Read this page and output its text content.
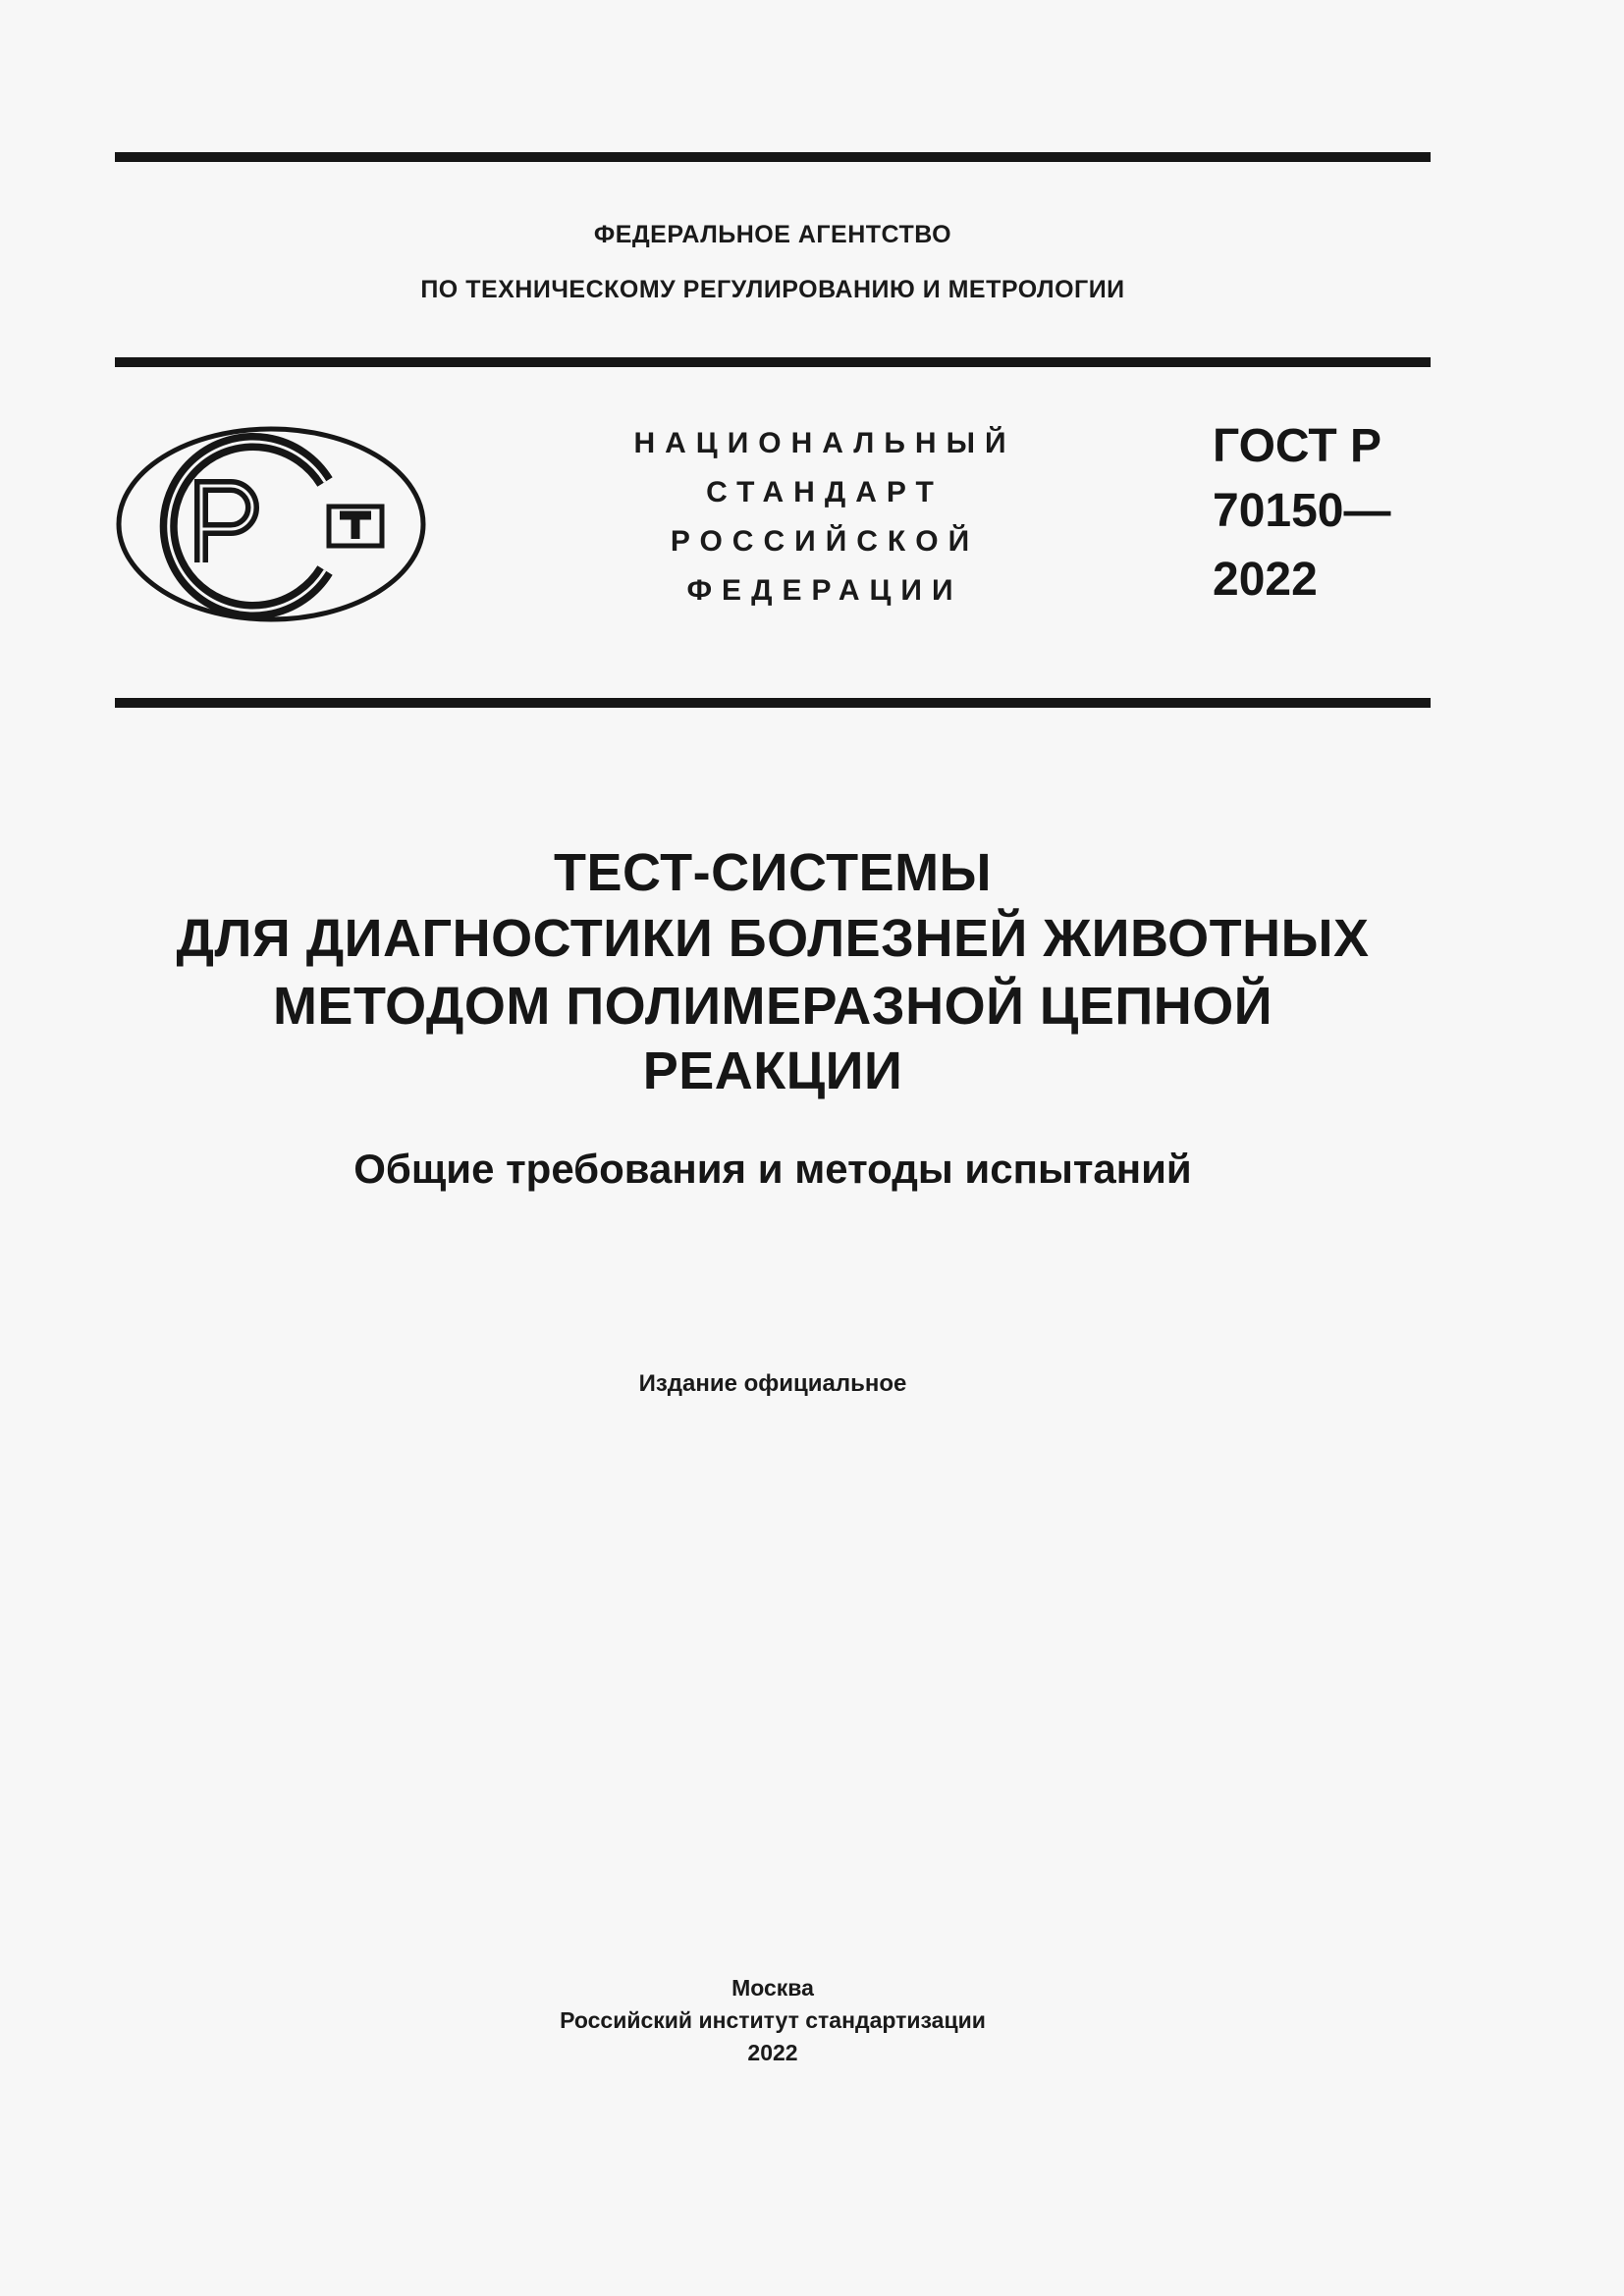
ФЕДЕРАЛЬНОЕ АГЕНТСТВО
ПО ТЕХНИЧЕСКОМУ РЕГУЛИРОВАНИЮ И МЕТРОЛОГИИ
НАЦИОНАЛЬНЫЙ
СТАНДАРТ
РОССИЙСКОЙ
ФЕДЕРАЦИИ
ГОСТ Р
70150—
2022
ТЕСТ-СИСТЕМЫ
ДЛЯ ДИАГНОСТИКИ БОЛЕЗНЕЙ ЖИВОТНЫХ
МЕТОДОМ ПОЛИМЕРАЗНОЙ ЦЕПНОЙ
РЕАКЦИИ
Общие требования и методы испытаний
Издание официальное
Москва
Российский институт стандартизации
2022
